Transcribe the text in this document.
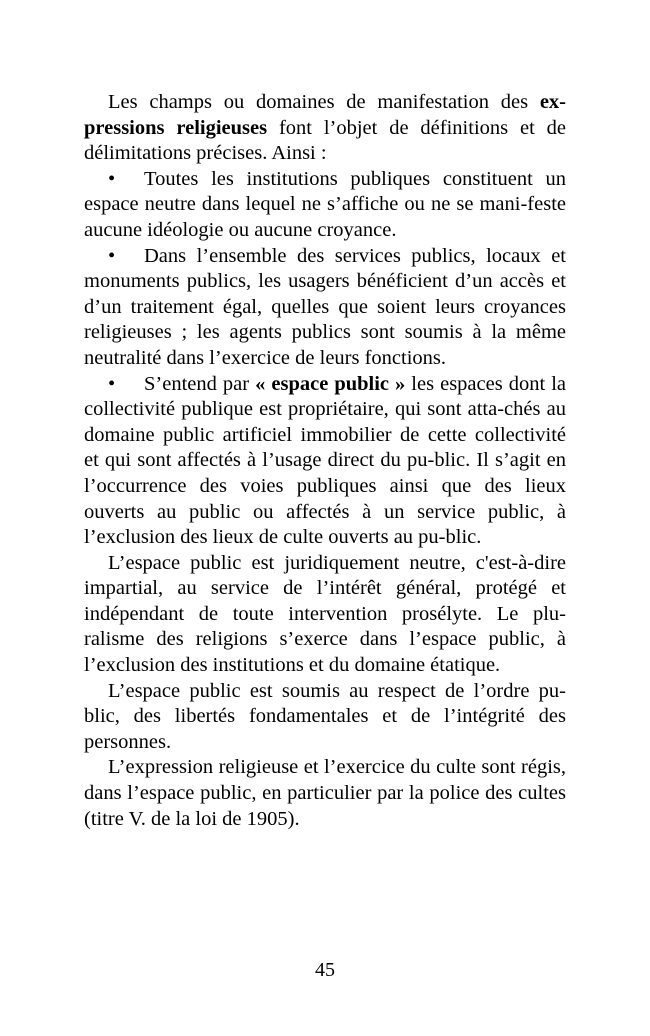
Les champs ou domaines de manifestation des ex-pressions religieuses font l’objet de définitions et de délimitations précises. Ainsi :

• Toutes les institutions publiques constituent un espace neutre dans lequel ne s’affiche ou ne se mani-feste aucune idéologie ou aucune croyance.

• Dans l’ensemble des services publics, locaux et monuments publics, les usagers bénéficient d’un accès et d’un traitement égal, quelles que soient leurs croyances religieuses ; les agents publics sont soumis à la même neutralité dans l’exercice de leurs fonctions.

• S’entend par « espace public » les espaces dont la collectivité publique est propriétaire, qui sont atta-chés au domaine public artificiel immobilier de cette collectivité et qui sont affectés à l’usage direct du pu-blic. Il s’agit en l’occurrence des voies publiques ainsi que des lieux ouverts au public ou affectés à un service public, à l’exclusion des lieux de culte ouverts au pu-blic.

L’espace public est juridiquement neutre, c'est-à-dire impartial, au service de l’intérêt général, protégé et indépendant de toute intervention prosélyte. Le plu-ralisme des religions s’exerce dans l’espace public, à l’exclusion des institutions et du domaine étatique.

L’espace public est soumis au respect de l’ordre pu-blic, des libertés fondamentales et de l’intégrité des personnes.

L’expression religieuse et l’exercice du culte sont régis, dans l’espace public, en particulier par la police des cultes (titre V. de la loi de 1905).

45
